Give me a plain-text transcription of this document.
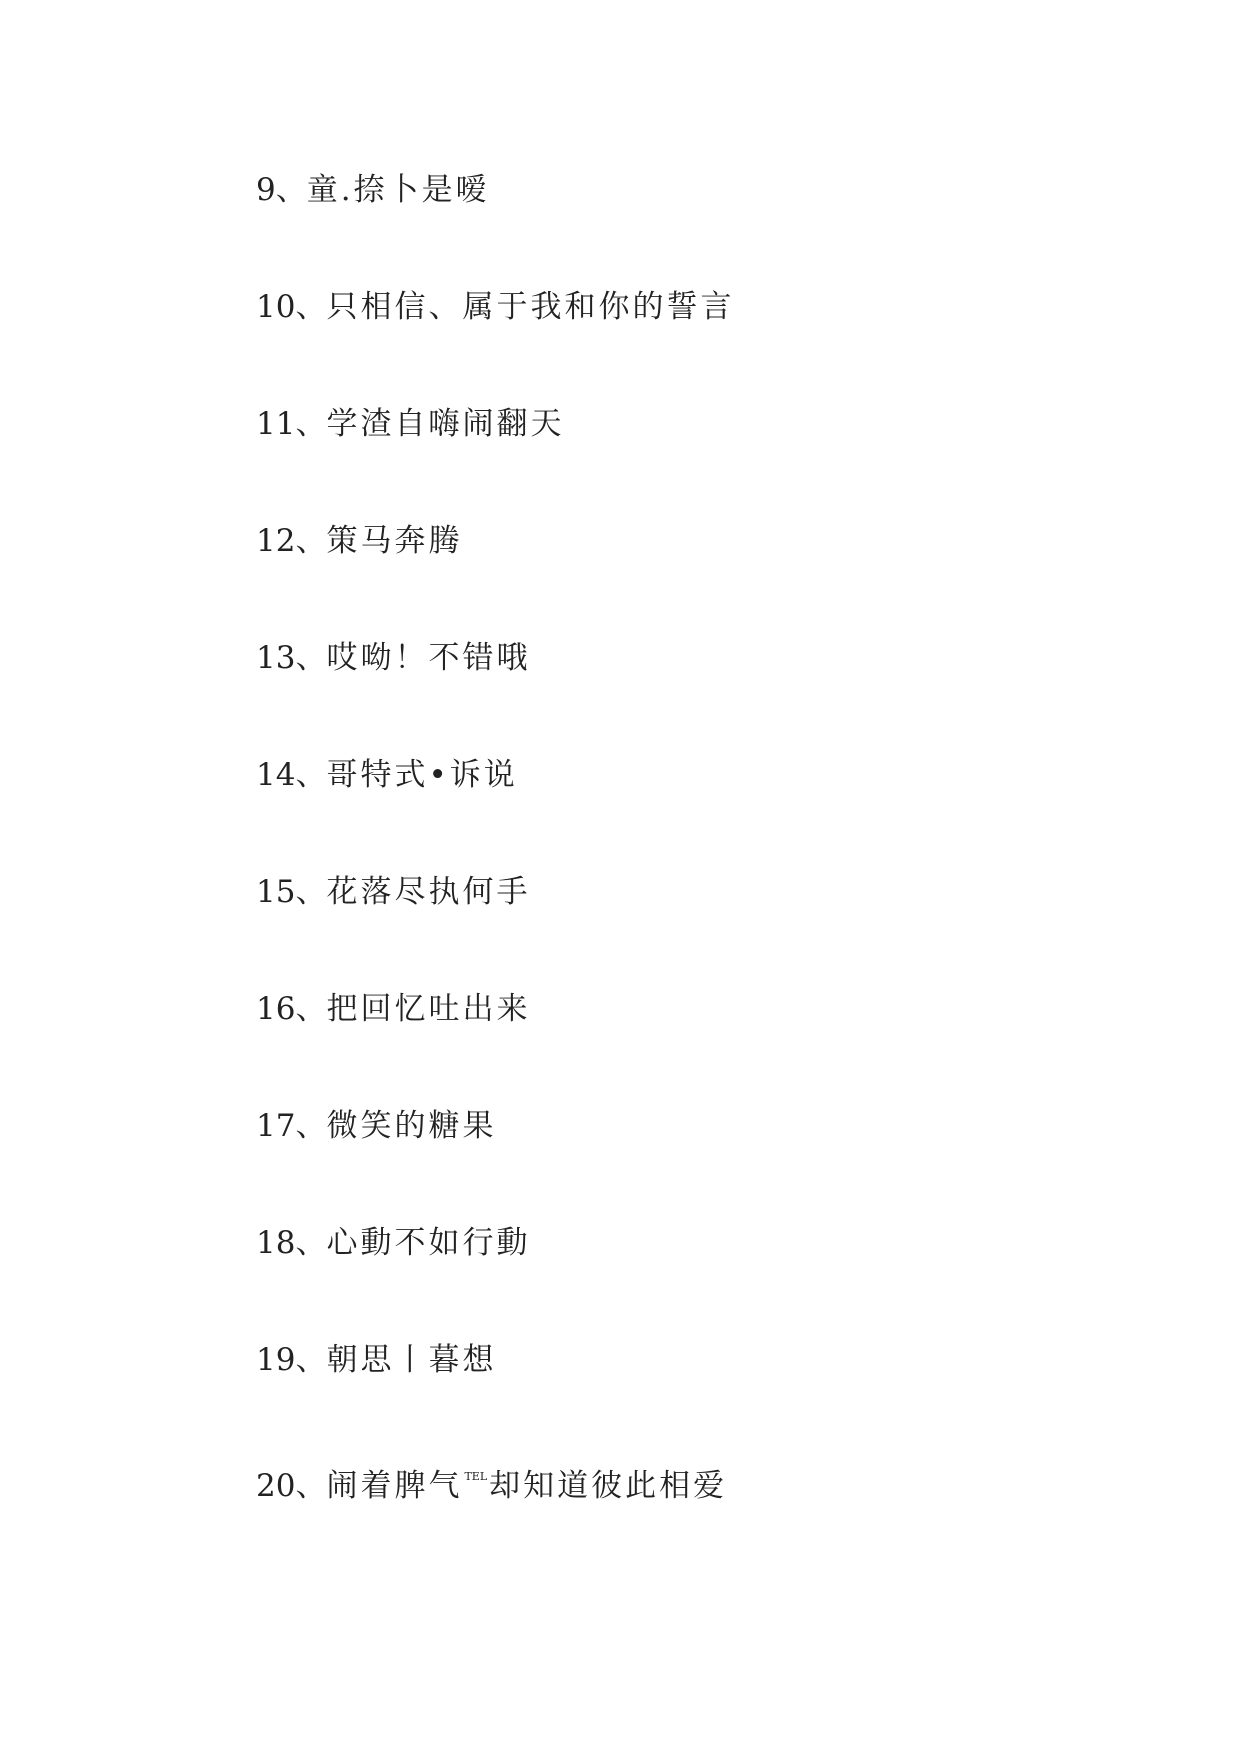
9、童.捺卜是嗳
10、只相信、属于我和你的誓言
11、学渣自嗨闹翻天
12、策马奔腾
13、哎呦！不错哦
14、哥特式•诉说
15、花落尽执何手
16、把回忆吐出来
17、微笑的糖果
18、心動不如行動
19、朝思丨暮想
20、闹着脾气 $^{TEL}$却知道彼此相爱
